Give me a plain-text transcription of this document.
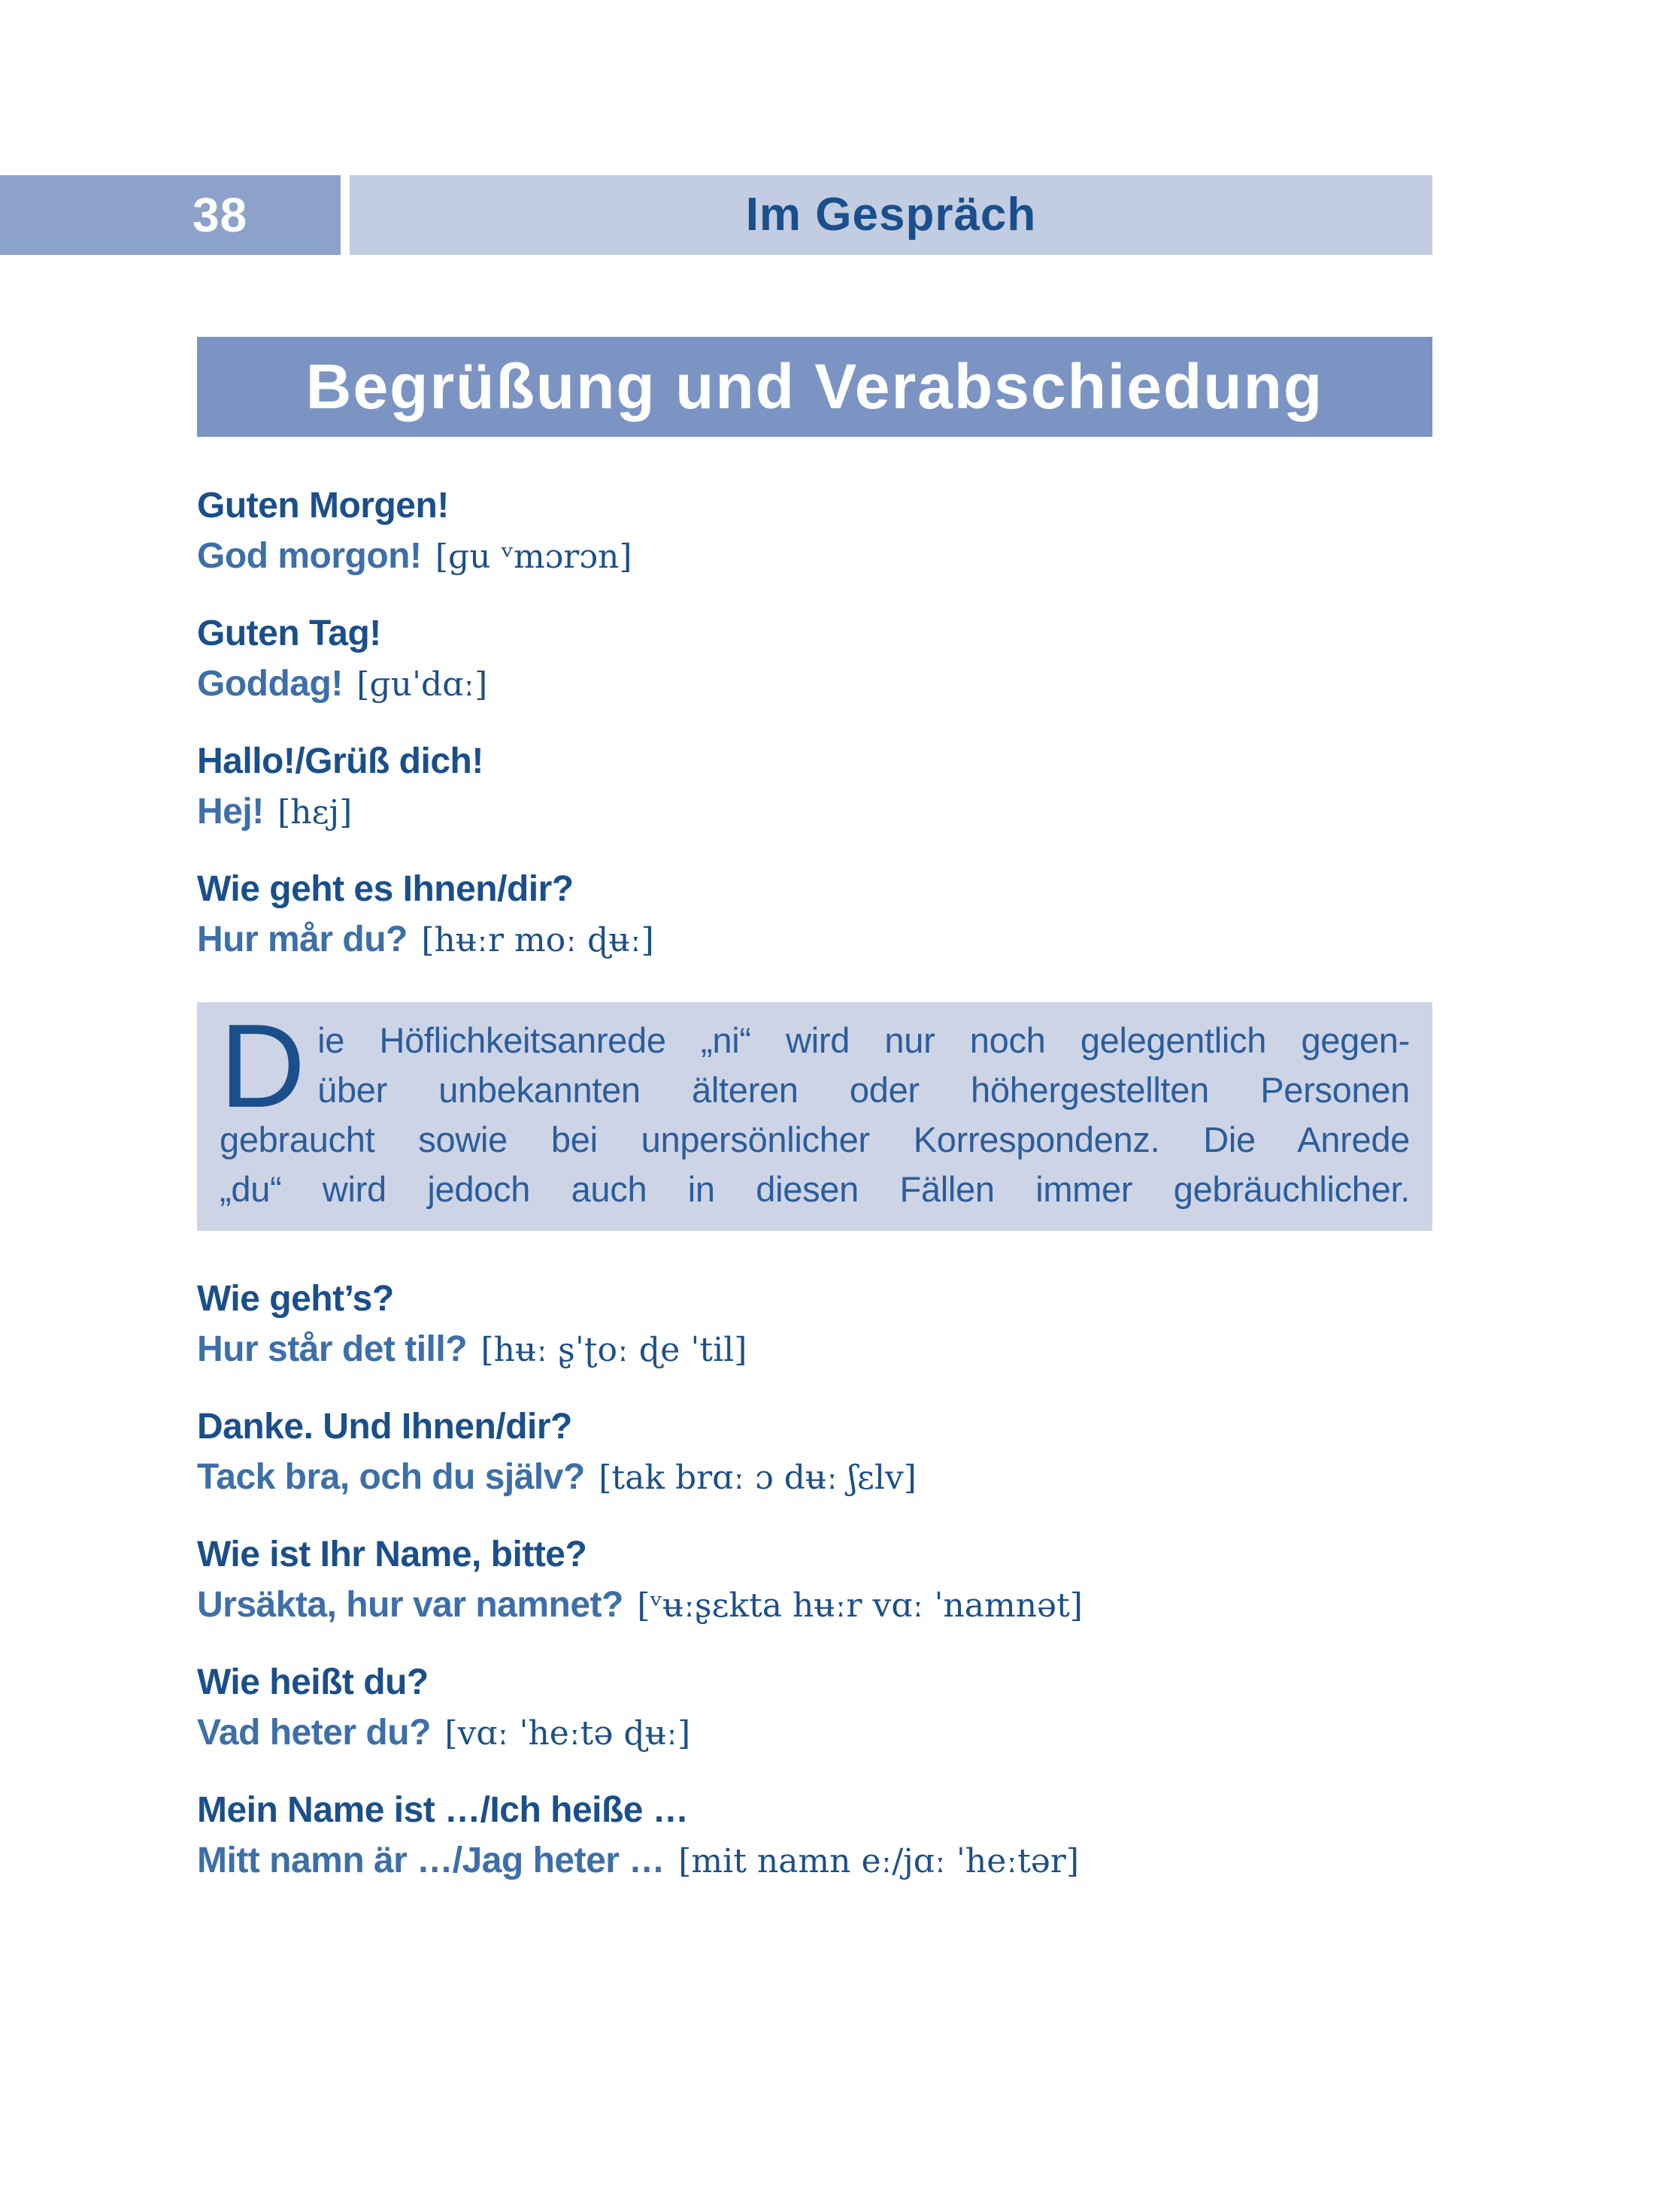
38	Im Gespräch
Begrüßung und Verabschiedung
Guten Morgen!
God morgon! [ɡu ᵛmɔrɔn]
Guten Tag!
Goddag! [ɡuˈdɑː]
Hallo!/Grüß dich!
Hej! [hɛj]
Wie geht es Ihnen/dir?
Hur mår du? [hʉːr moː ɖʉː]
D ie Höflichkeitsanrede „ni“ wird nur noch gelegentlich gegen-
über unbekannten älteren oder höhergestellten Personen
gebraucht sowie bei unpersönlicher Korrespondenz. Die Anrede
„du“ wird jedoch auch in diesen Fällen immer gebräuchlicher.
Wie geht’s?
Hur står det till? [hʉː ʂˈʈoː ɖe ˈtil]
Danke. Und Ihnen/dir?
Tack bra, och du själv? [tak brɑː ɔ dʉː ʃɛlv]
Wie ist Ihr Name, bitte?
Ursäkta, hur var namnet? [ᵛʉːʂɛkta hʉːr vɑː ˈnamnət]
Wie heißt du?
Vad heter du? [vɑː ˈheːtə ɖʉː]
Mein Name ist …/Ich heiße …
Mitt namn är …/Jag heter … [mit namn eː/jɑː ˈheːtər]
